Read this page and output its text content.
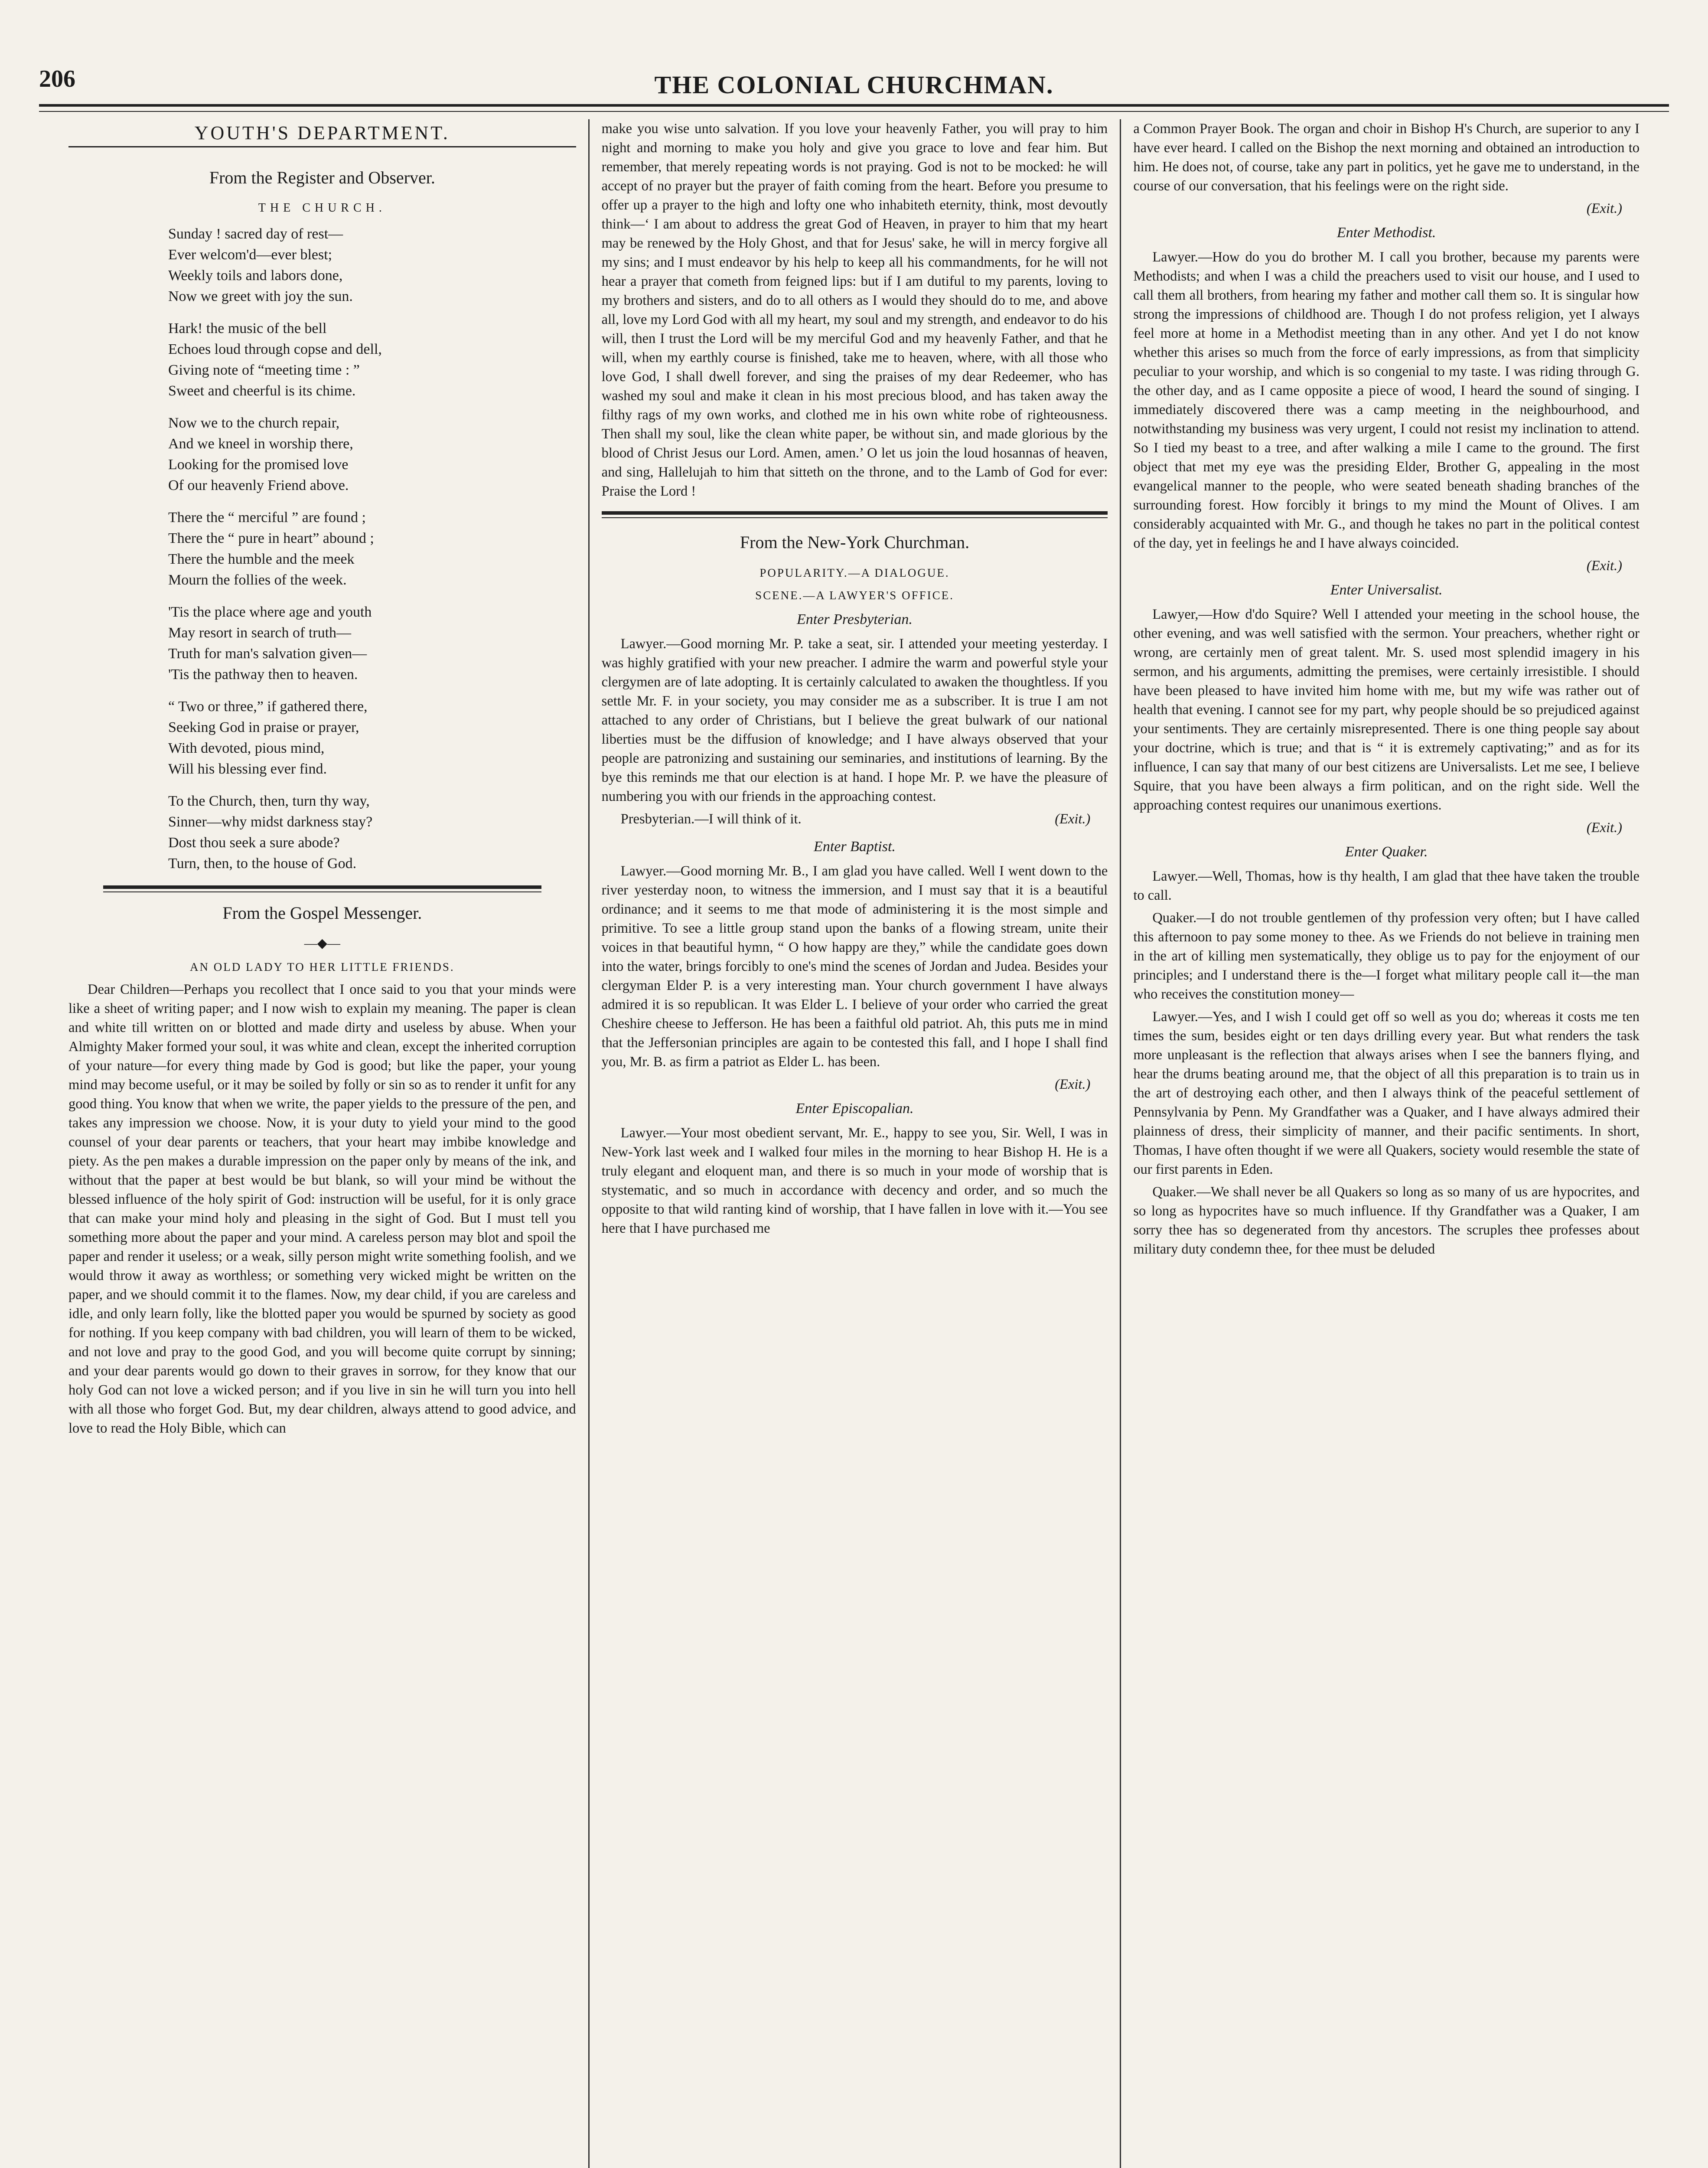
206	THE COLONIAL CHURCHMAN.
YOUTH'S DEPARTMENT.
From the Register and Observer.
THE CHURCH.
Sunday ! sacred day of rest—
Ever welcom'd—ever blest;
Weekly toils and labors done,
Now we greet with joy the sun.
Hark! the music of the bell
Echoes loud through copse and dell,
Giving note of “meeting time : ”
Sweet and cheerful is its chime.
Now we to the church repair,
And we kneel in worship there,
Looking for the promised love
Of our heavenly Friend above.
There the “ merciful ” are found ;
There the “ pure in heart” abound ;
There the humble and the meek
Mourn the follies of the week.
'Tis the place where age and youth
May resort in search of truth—
Truth for man's salvation given—
'Tis the pathway then to heaven.
“ Two or three,” if gathered there,
Seeking God in praise or prayer,
With devoted, pious mind,
Will his blessing ever find.
To the Church, then, turn thy way,
Sinner—why midst darkness stay?
Dost thou seek a sure abode?
Turn, then, to the house of God.
From the Gospel Messenger.
—◆—
AN OLD LADY TO HER LITTLE FRIENDS.

Dear Children—Perhaps you recollect that I once said to you that your minds were like a sheet of writing paper; and I now wish to explain my meaning. The paper is clean and white till written on or blotted and made dirty and useless by abuse. When your Almighty Maker formed your soul, it was white and clean, except the inherited corruption of your nature—for every thing made by God is good; but like the paper, your young mind may become useful, or it may be soiled by folly or sin so as to render it unfit for any good thing. You know that when we write, the paper yields to the pressure of the pen, and takes any impression we choose. Now, it is your duty to yield your mind to the good counsel of your dear parents or teachers, that your heart may imbibe knowledge and piety. As the pen makes a durable impression on the paper only by means of the ink, and without that the paper at best would be but blank, so will your mind be without the blessed influence of the holy spirit of God: instruction will be useful, for it is only grace that can make your mind holy and pleasing in the sight of God. But I must tell you something more about the paper and your mind. A careless person may blot and spoil the paper and render it useless; or a weak, silly person might write something foolish, and we would throw it away as worthless; or something very wicked might be written on the paper, and we should commit it to the flames. Now, my dear child, if you are careless and idle, and only learn folly, like the blotted paper you would be spurned by society as good for nothing. If you keep company with bad children, you will learn of them to be wicked, and not love and pray to the good God, and you will become quite corrupt by sinning; and your dear parents would go down to their graves in sorrow, for they know that our holy God can not love a wicked person; and if you live in sin he will turn you into hell with all those who forget God. But, my dear children, always attend to good advice, and love to read the Holy Bible, which can

make you wise unto salvation. If you love your heavenly Father, you will pray to him night and morning to make you holy and give you grace to love and fear him. But remember, that merely repeating words is not praying. God is not to be mocked: he will accept of no prayer but the prayer of faith coming from the heart. Before you presume to offer up a prayer to the high and lofty one who inhabiteth eternity, think, most devoutly think—‘ I am about to address the great God of Heaven, in prayer to him that my heart may be renewed by the Holy Ghost, and that for Jesus' sake, he will in mercy forgive all my sins; and I must endeavor by his help to keep all his commandments, for he will not hear a prayer that cometh from feigned lips: but if I am dutiful to my parents, loving to my brothers and sisters, and do to all others as I would they should do to me, and above all, love my Lord God with all my heart, my soul and my strength, and endeavor to do his will, then I trust the Lord will be my merciful God and my heavenly Father, and that he will, when my earthly course is finished, take me to heaven, where, with all those who love God, I shall dwell forever, and sing the praises of my dear Redeemer, who has washed my soul and make it clean in his most precious blood, and has taken away the filthy rags of my own works, and clothed me in his own white robe of righteousness. Then shall my soul, like the clean white paper, be without sin, and made glorious by the blood of Christ Jesus our Lord. Amen, amen.’ O let us join the loud hosannas of heaven, and sing, Hallelujah to him that sitteth on the throne, and to the Lamb of God for ever: Praise the Lord !

From the New-York Churchman.
POPULARITY.—A DIALOGUE.
SCENE.—A LAWYER'S OFFICE.
Enter Presbyterian.

Lawyer.—Good morning Mr. P. take a seat, sir. I attended your meeting yesterday. I was highly gratified with your new preacher. I admire the warm and powerful style your clergymen are of late adopting. It is certainly calculated to awaken the thoughtless. If you settle Mr. F. in your society, you may consider me as a subscriber. It is true I am not attached to any order of Christians, but I believe the great bulwark of our national liberties must be the diffusion of knowledge; and I have always observed that your people are patronizing and sustaining our seminaries, and institutions of learning. By the bye this reminds me that our election is at hand. I hope Mr. P. we have the pleasure of numbering you with our friends in the approaching contest.

Presbyterian.—I will think of it.	(Exit.)

Enter Baptist.

Lawyer.—Good morning Mr. B., I am glad you have called. Well I went down to the river yesterday noon, to witness the immersion, and I must say that it is a beautiful ordinance; and it seems to me that mode of administering it is the most simple and primitive. To see a little group stand upon the banks of a flowing stream, unite their voices in that beautiful hymn, “ O how happy are they,” while the candidate goes down into the water, brings forcibly to one's mind the scenes of Jordan and Judea. Besides your clergyman Elder P. is a very interesting man. Your church government I have always admired it is so republican. It was Elder L. I believe of your order who carried the great Cheshire cheese to Jefferson. He has been a faithful old patriot. Ah, this puts me in mind that the Jeffersonian principles are again to be contested this fall, and I hope I shall find you, Mr. B. as firm a patriot as Elder L. has been.

(Exit.)
Enter Episcopalian.

Lawyer.—Your most obedient servant, Mr. E., happy to see you, Sir. Well, I was in New-York last week and I walked four miles in the morning to hear Bishop H. He is a truly elegant and eloquent man, and there is so much in your mode of worship that is stystematic, and so much in accordance with decency and order, and so much the opposite to that wild ranting kind of worship, that I have fallen in love with it.—You see here that I have purchased me

a Common Prayer Book. The organ and choir in Bishop H's Church, are superior to any I have ever heard. I called on the Bishop the next morning and obtained an introduction to him. He does not, of course, take any part in politics, yet he gave me to understand, in the course of our conversation, that his feelings were on the right side.

(Exit.)
Enter Methodist.

Lawyer.—How do you do brother M. I call you brother, because my parents were Methodists; and when I was a child the preachers used to visit our house, and I used to call them all brothers, from hearing my father and mother call them so. It is singular how strong the impressions of childhood are. Though I do not profess religion, yet I always feel more at home in a Methodist meeting than in any other. And yet I do not know whether this arises so much from the force of early impressions, as from that simplicity peculiar to your worship, and which is so congenial to my taste. I was riding through G. the other day, and as I came opposite a piece of wood, I heard the sound of singing. I immediately discovered there was a camp meeting in the neighbourhood, and notwithstanding my business was very urgent, I could not resist my inclination to attend. So I tied my beast to a tree, and after walking a mile I came to the ground. The first object that met my eye was the presiding Elder, Brother G, appealing in the most evangelical manner to the people, who were seated beneath shading branches of the surrounding forest. How forcibly it brings to my mind the Mount of Olives. I am considerably acquainted with Mr. G., and though he takes no part in the political contest of the day, yet in feelings he and I have always coincided.

(Exit.)
Enter Universalist.

Lawyer,—How d'do Squire? Well I attended your meeting in the school house, the other evening, and was well satisfied with the sermon. Your preachers, whether right or wrong, are certainly men of great talent. Mr. S. used most splendid imagery in his sermon, and his arguments, admitting the premises, were certainly irresistible. I should have been pleased to have invited him home with me, but my wife was rather out of health that evening. I cannot see for my part, why people should be so prejudiced against your sentiments. They are certainly misrepresented. There is one thing people say about your doctrine, which is true; and that is “ it is extremely captivating;” and as for its influence, I can say that many of our best citizens are Universalists. Let me see, I believe Squire, that you have been always a firm politican, and on the right side. Well the approaching contest requires our unanimous exertions.

(Exit.)
Enter Quaker.

Lawyer.—Well, Thomas, how is thy health, I am glad that thee have taken the trouble to call.

Quaker.—I do not trouble gentlemen of thy profession very often; but I have called this afternoon to pay some money to thee. As we Friends do not believe in training men in the art of killing men systematically, they oblige us to pay for the enjoyment of our principles; and I understand there is the—I forget what military people call it—the man who receives the constitution money—

Lawyer.—Yes, and I wish I could get off so well as you do; whereas it costs me ten times the sum, besides eight or ten days drilling every year. But what renders the task more unpleasant is the reflection that always arises when I see the banners flying, and hear the drums beating around me, that the object of all this preparation is to train us in the art of destroying each other, and then I always think of the peaceful settlement of Pennsylvania by Penn. My Grandfather was a Quaker, and I have always admired their plainness of dress, their simplicity of manner, and their pacific sentiments. In short, Thomas, I have often thought if we were all Quakers, society would resemble the state of our first parents in Eden.

Quaker.—We shall never be all Quakers so long as so many of us are hypocrites, and so long as hypocrites have so much influence. If thy Grandfather was a Quaker, I am sorry thee has so degenerated from thy ancestors. The scruples thee professes about military duty condemn thee, for thee must be deluded
